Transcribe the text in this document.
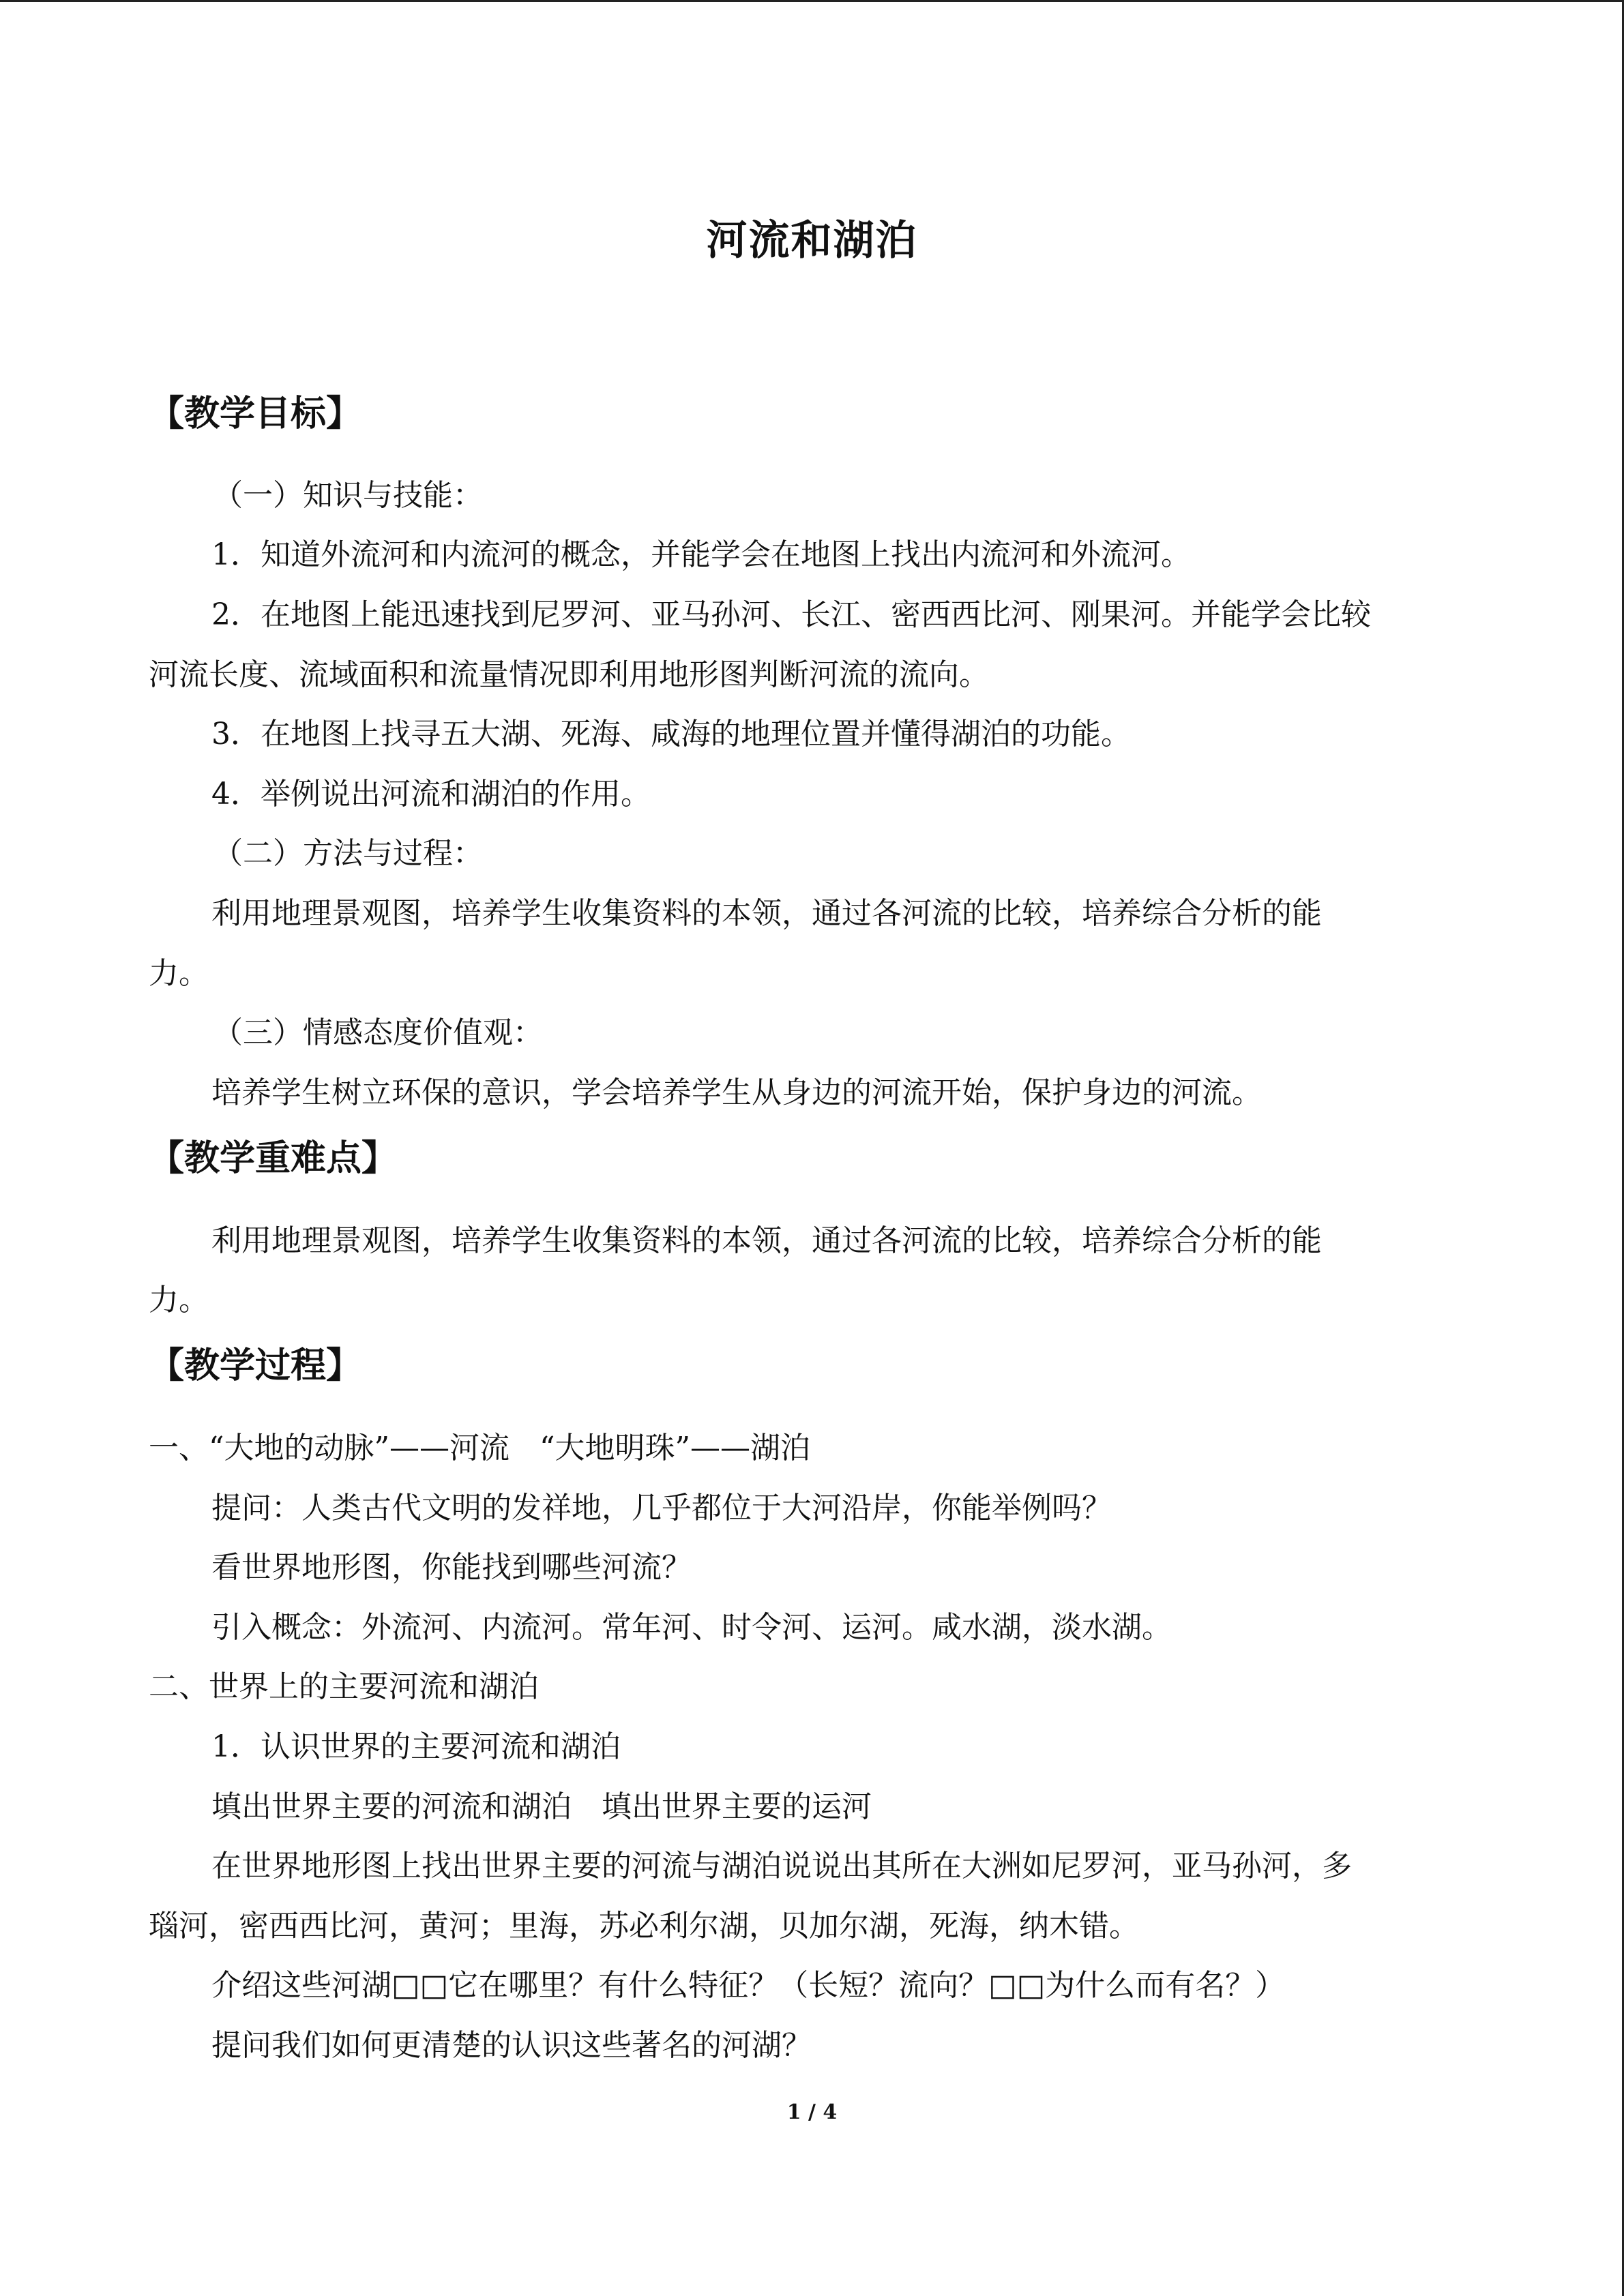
河流和湖泊
【教学目标】
（一）知识与技能：
1．知道外流河和内流河的概念，并能学会在地图上找出内流河和外流河。
2．在地图上能迅速找到尼罗河、亚马孙河、长江、密西西比河、刚果河。并能学会比较
河流长度、流域面积和流量情况即利用地形图判断河流的流向。
3．在地图上找寻五大湖、死海、咸海的地理位置并懂得湖泊的功能。
4．举例说出河流和湖泊的作用。
（二）方法与过程：
利用地理景观图，培养学生收集资料的本领，通过各河流的比较，培养综合分析的能
力。
（三）情感态度价值观：
培养学生树立环保的意识，学会培养学生从身边的河流开始，保护身边的河流。
【教学重难点】
利用地理景观图，培养学生收集资料的本领，通过各河流的比较，培养综合分析的能
力。
【教学过程】
一、“大地的动脉”——河流　“大地明珠”——湖泊
提问：人类古代文明的发祥地，几乎都位于大河沿岸，你能举例吗？
看世界地形图，你能找到哪些河流？
引入概念：外流河、内流河。常年河、时令河、运河。咸水湖，淡水湖。
二、世界上的主要河流和湖泊
1．认识世界的主要河流和湖泊
填出世界主要的河流和湖泊　填出世界主要的运河
在世界地形图上找出世界主要的河流与湖泊说说出其所在大洲如尼罗河，亚马孙河，多
瑙河，密西西比河，黄河；里海，苏必利尔湖，贝加尔湖，死海，纳木错。
介绍这些河湖□□它在哪里？有什么特征？（长短？流向？□□为什么而有名？）
提问我们如何更清楚的认识这些著名的河湖？
1 / 4
